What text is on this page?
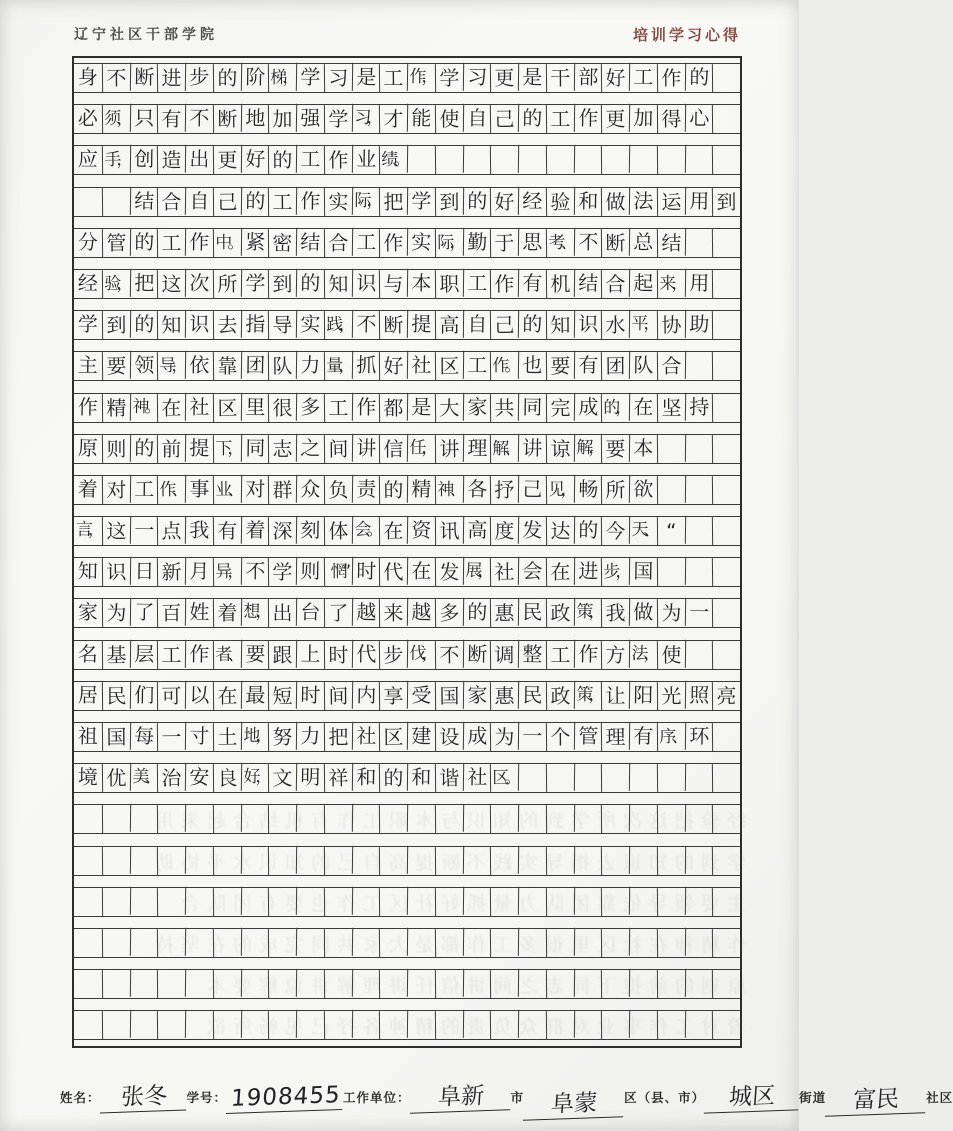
辽宁社区干部学院	培训学习心得
身 不 断 进 步 的 阶 梯， 学 习 是 工 作， 学 习 更 是 干 部 好 工 作 的
必 须， 只 有 不 断 地 加 强 学 习， 才 能 使 自 己 的 工 作 更 加 得 心
应 手， 创 造 出 更 好 的 工 作 业 绩。
结 合 自 己 的 工 作 实 际， 把 学 到 的 好 经 验 和 做 法 运 用 到
分 管 的 工 作 中。 紧 密 结 合 工 作 实 际， 勤 于 思 考、 不 断 总 结
经 验， 把 这 次 所 学 到 的 知 识 与 本 职 工 作 有 机 结 合 起 来， 用
学 到 的 知 识 去 指 导 实 践， 不 断 提 高 自 己 的 知 识 水 平， 协 助
主 要 领 导， 依 靠 团 队 力 量， 抓 好 社 区 工 作。 也 要 有 团 队 合
作 精 神。 在 社 区 里 很 多 工 作 都 是 大 家 共 同 完 成 的， 在 坚 持
原 则 的 前 提 下， 同 志 之 间 讲 信 任， 讲 理 解、 讲 谅 解， 要 本
着 对 工 作、 事 业、 对 群 众 负 责 的 精 神、 各 抒 己 见， 畅 所 欲
言， 这 一 点 我 有 着 深 刻 体 会。 在 资 讯 高 度 发 达 的 今 天、 “
知 识 日 新 月 异， 不 学 则 惘” 时 代 在 发 展， 社 会 在 进 步， 国
家 为 了 百 姓 着 想， 出 台 了 越 来 越 多 的 惠 民 政 策， 我 做 为 一
名 基 层 工 作 者、 要 跟 上 时 代 步 伐， 不 断 调 整 工 作 方 法， 使
居 民 们 可 以 在 最 短 时 间 内 享 受 国 家 惠 民 政 策， 让 阳 光 照 亮
祖 国 每 一 寸 土 地， 努 力 把 社 区 建 设 成 为 一 个 管 理 有 序、 环
境 优 美、 治 安 良 好， 文 明 祥 和 的 和 谐 社 区。
经验把这次所学到的知识与本职工作有机结合起来用
学到的知识去指导实践不断提高自己的知识水平协助
主要领导依靠团队力量抓好社区工作也要有团队合
作精神在社区里很多工作都是大家共同完成的在坚持
原则的前提下同志之间讲信任讲理解讲谅解要本
着对工作事业对群众负责的精神各抒己见畅所欲
姓名： 张冬	学号： 1908455 工作单位：	阜新	市	阜蒙	区（县、市）	城区	街道	富民	社区
